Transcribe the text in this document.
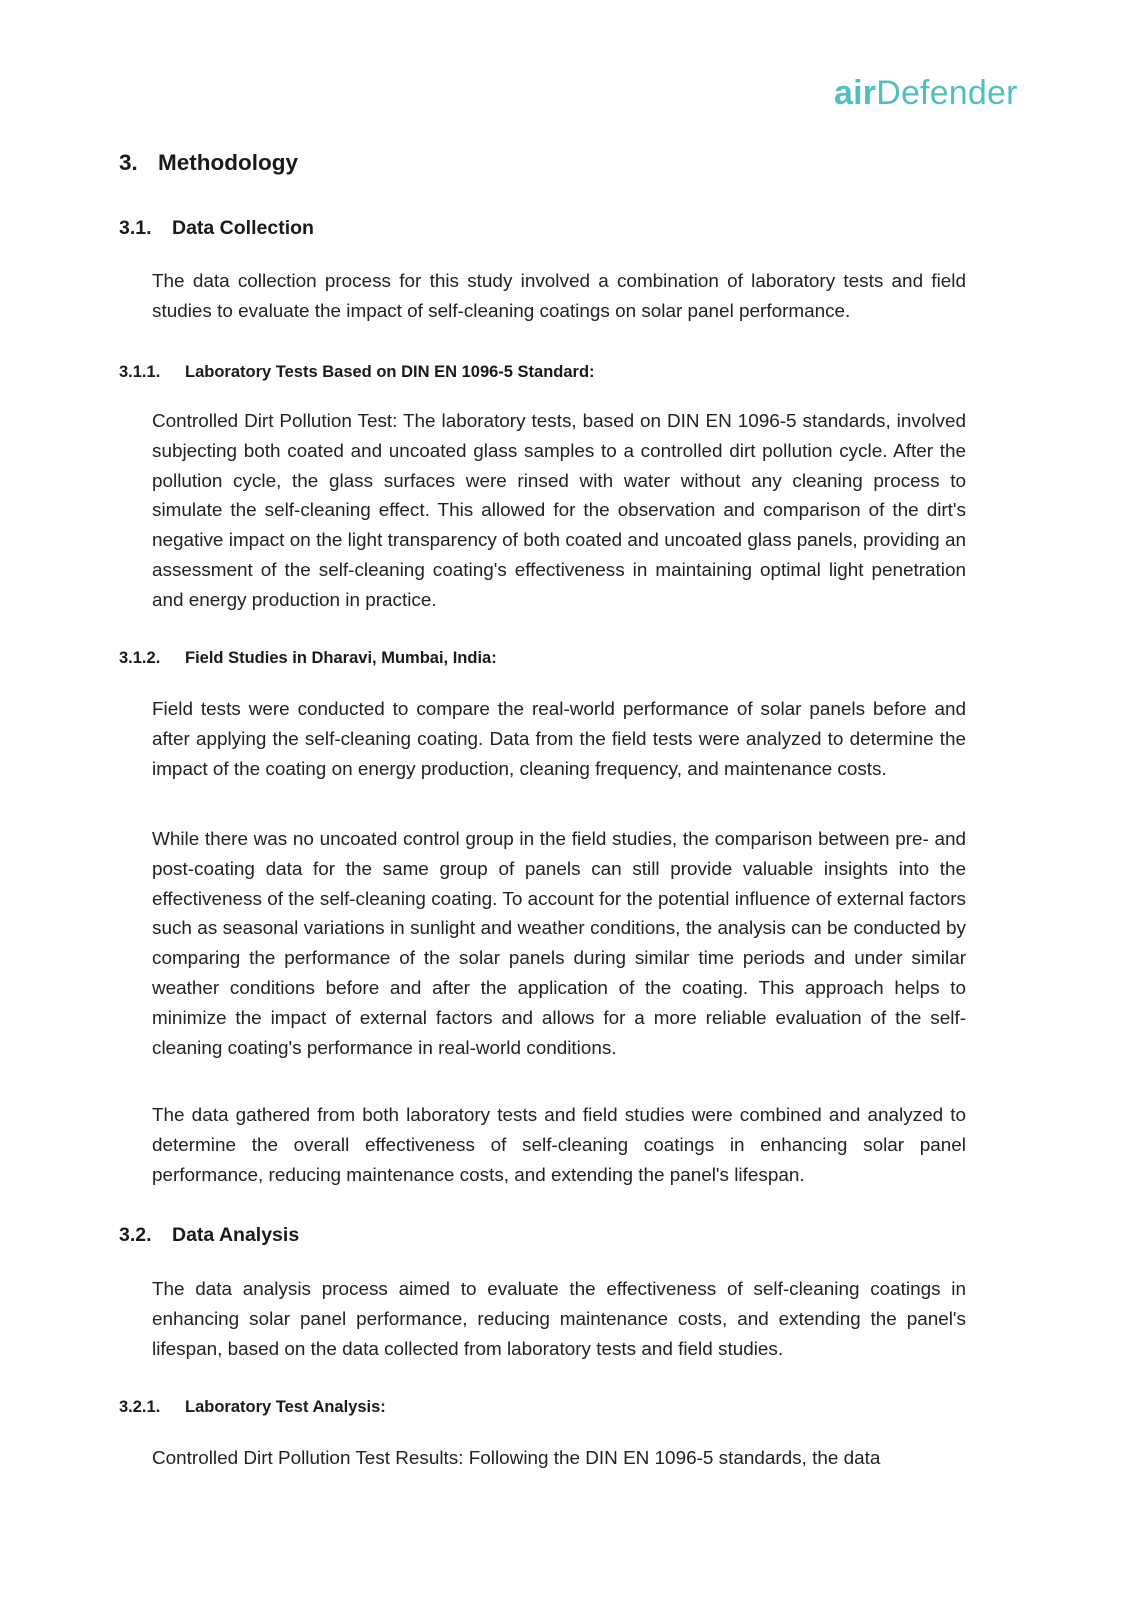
airDefender
3. Methodology
3.1. Data Collection

The data collection process for this study involved a combination of laboratory tests and field studies to evaluate the impact of self-cleaning coatings on solar panel performance.

3.1.1. Laboratory Tests Based on DIN EN 1096-5 Standard:

Controlled Dirt Pollution Test: The laboratory tests, based on DIN EN 1096-5 standards, involved subjecting both coated and uncoated glass samples to a controlled dirt pollution cycle. After the pollution cycle, the glass surfaces were rinsed with water without any cleaning process to simulate the self-cleaning effect. This allowed for the observation and comparison of the dirt's negative impact on the light transparency of both coated and uncoated glass panels, providing an assessment of the self-cleaning coating's effectiveness in maintaining optimal light penetration and energy production in practice.

3.1.2. Field Studies in Dharavi, Mumbai, India:

Field tests were conducted to compare the real-world performance of solar panels before and after applying the self-cleaning coating. Data from the field tests were analyzed to determine the impact of the coating on energy production, cleaning frequency, and maintenance costs.

While there was no uncoated control group in the field studies, the comparison between pre- and post-coating data for the same group of panels can still provide valuable insights into the effectiveness of the self-cleaning coating. To account for the potential influence of external factors such as seasonal variations in sunlight and weather conditions, the analysis can be conducted by comparing the performance of the solar panels during similar time periods and under similar weather conditions before and after the application of the coating. This approach helps to minimize the impact of external factors and allows for a more reliable evaluation of the self-cleaning coating's performance in real-world conditions.

The data gathered from both laboratory tests and field studies were combined and analyzed to determine the overall effectiveness of self-cleaning coatings in enhancing solar panel performance, reducing maintenance costs, and extending the panel's lifespan.

3.2. Data Analysis

The data analysis process aimed to evaluate the effectiveness of self-cleaning coatings in enhancing solar panel performance, reducing maintenance costs, and extending the panel's lifespan, based on the data collected from laboratory tests and field studies.

3.2.1. Laboratory Test Analysis:

Controlled Dirt Pollution Test Results: Following the DIN EN 1096-5 standards, the data
